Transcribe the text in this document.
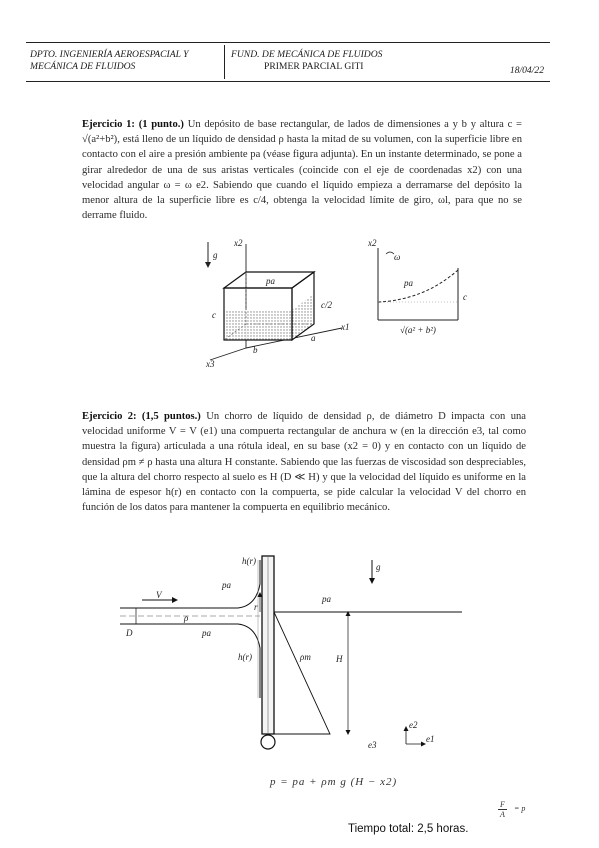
DPTO. INGENIERÍA AEROESPACIAL Y MECÁNICA DE FLUIDOS
FUND. DE MECÁNICA DE FLUIDOS
PRIMER PARCIAL GITI	18/04/22
Ejercicio 1: (1 punto.) Un depósito de base rectangular, de lados de dimensiones a y b y altura c = √(a²+b²), está lleno de un líquido de densidad ρ hasta la mitad de su volumen, con la superficie libre en contacto con el aire a presión ambiente pa (véase figura adjunta). En un instante determinado, se pone a girar alrededor de una de sus aristas verticales (coincide con el eje de coordenadas x2) con una velocidad angular ω = ω e2. Sabiendo que cuando el líquido empieza a derramarse del depósito la menor altura de la superficie libre es c/4, obtenga la velocidad límite de giro, ωl, para que no se derrame fluido.
g
x2
x1
x3
pa
c/2
c
a
b
x2
ω
pa
c
√(a² + b²)
Ejercicio 2: (1,5 puntos.) Un chorro de líquido de densidad ρ, de diámetro D impacta con una velocidad uniforme V = V (e1) una compuerta rectangular de anchura w (en la dirección e3, tal como muestra la figura) articulada a una rótula ideal, en su base (x2 = 0) y en contacto con un líquido de densidad ρm ≠ ρ hasta una altura H constante. Sabiendo que las fuerzas de viscosidad son despreciables, que la altura del chorro respecto al suelo es H (D ≪ H) y que la velocidad del líquido es uniforme en la lámina de espesor h(r) en contacto con la compuerta, se pide calcular la velocidad V del chorro en función de los datos para mantener la compuerta en equilibrio mecánico.
V
ρ
D
pa
pa
h(r)
h(r)
r
pa
ρm	H
g
e2
e1
e3
p = pa + ρm g (H − x2)
F
A
= p
Tiempo total: 2,5 horas.
